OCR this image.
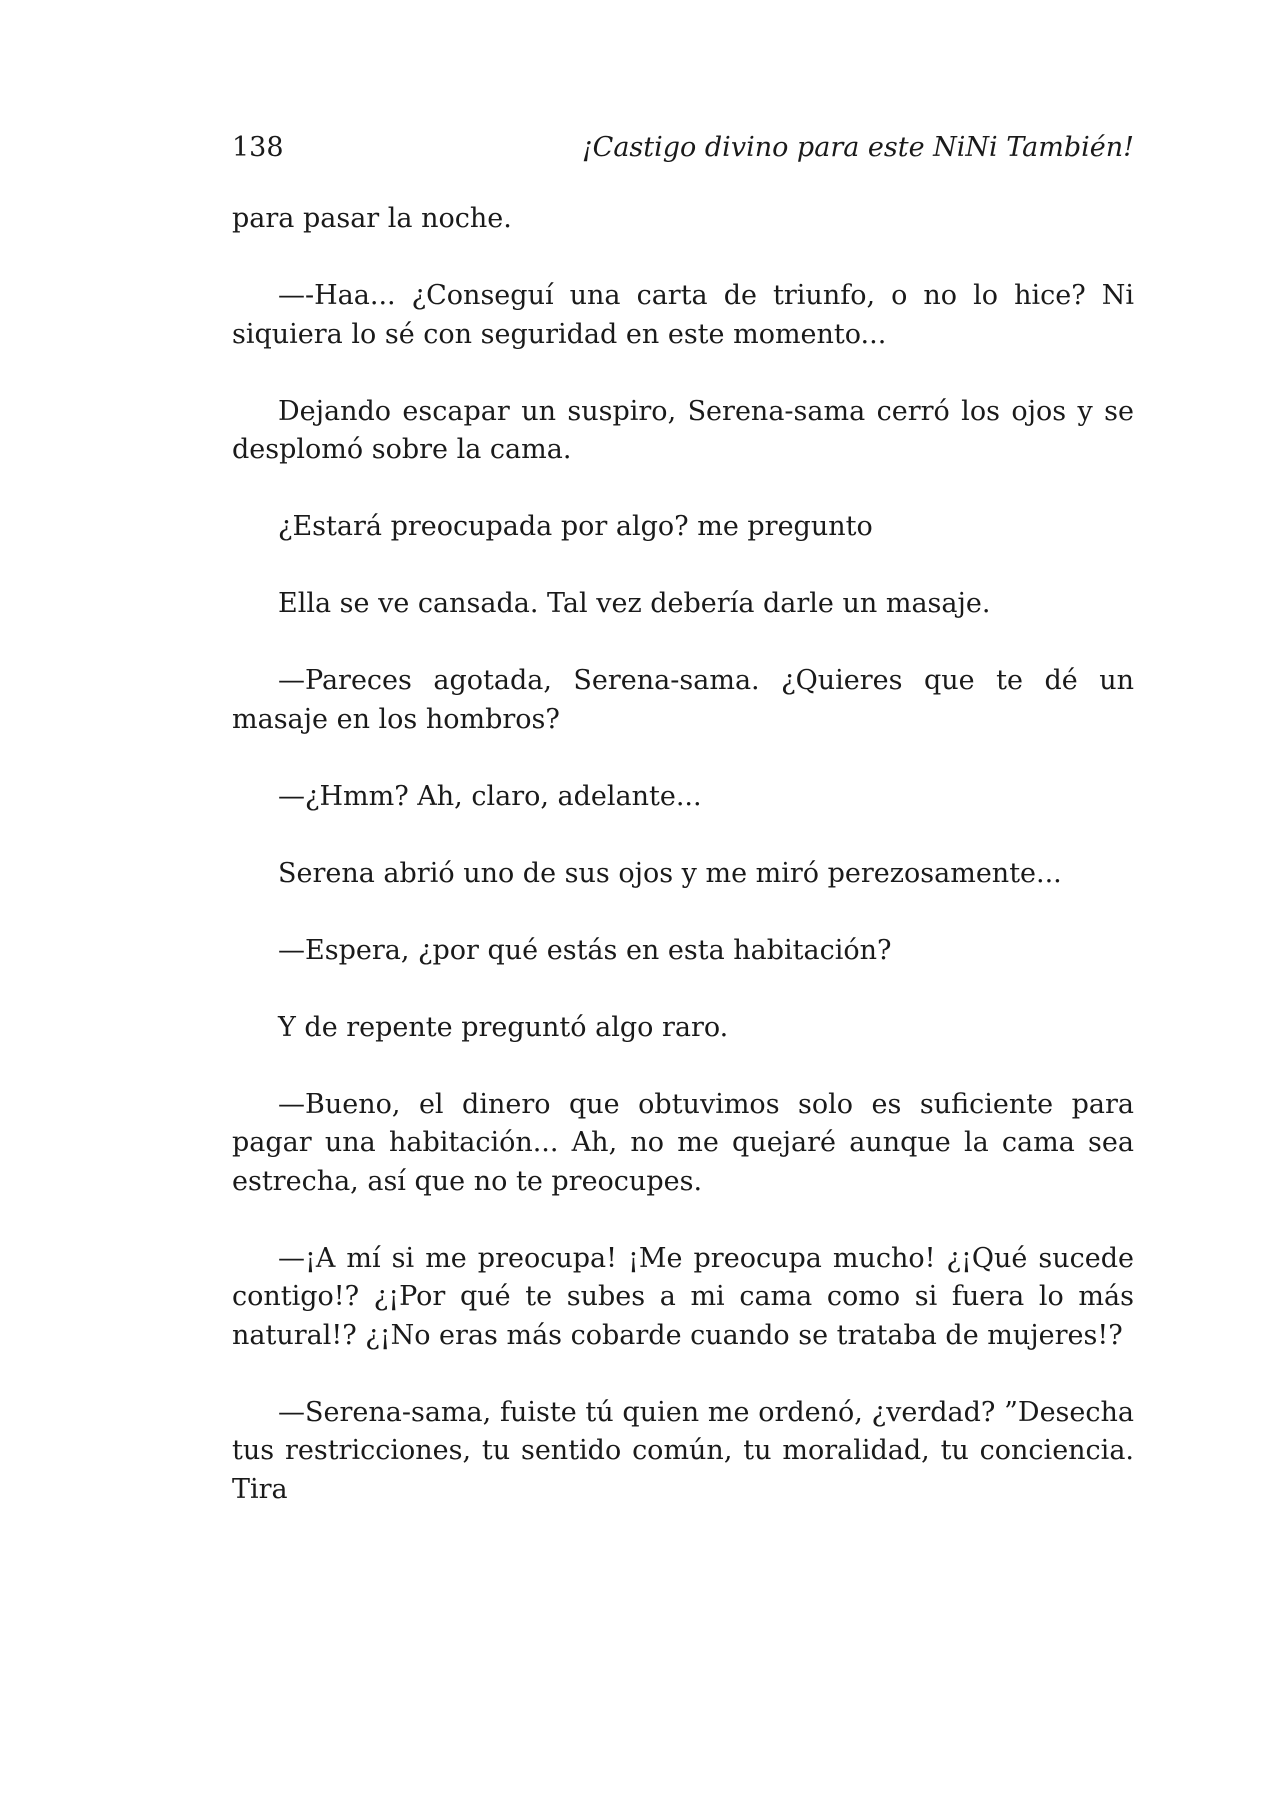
138	¡Castigo divino para este NiNi También!

para pasar la noche.

—-Haa... ¿Conseguí una carta de triunfo, o no lo hice? Ni siquiera lo sé con seguridad en este momento...

Dejando escapar un suspiro, Serena-sama cerró los ojos y se desplomó sobre la cama.

¿Estará preocupada por algo? me pregunto

Ella se ve cansada. Tal vez debería darle un masaje.

—Pareces agotada, Serena-sama. ¿Quieres que te dé un masaje en los hombros?

—¿Hmm? Ah, claro, adelante...

Serena abrió uno de sus ojos y me miró perezosamente...

—Espera, ¿por qué estás en esta habitación?

Y de repente preguntó algo raro.

—Bueno, el dinero que obtuvimos solo es suficiente para pagar una habitación... Ah, no me quejaré aunque la cama sea estrecha, así que no te preocupes.

—¡A mí si me preocupa! ¡Me preocupa mucho! ¿¡Qué sucede contigo!? ¿¡Por qué te subes a mi cama como si fuera lo más natural!? ¿¡No eras más cobarde cuando se trataba de mujeres!?

—Serena-sama, fuiste tú quien me ordenó, ¿verdad? ”Desecha tus restricciones, tu sentido común, tu moralidad, tu conciencia. Tira
